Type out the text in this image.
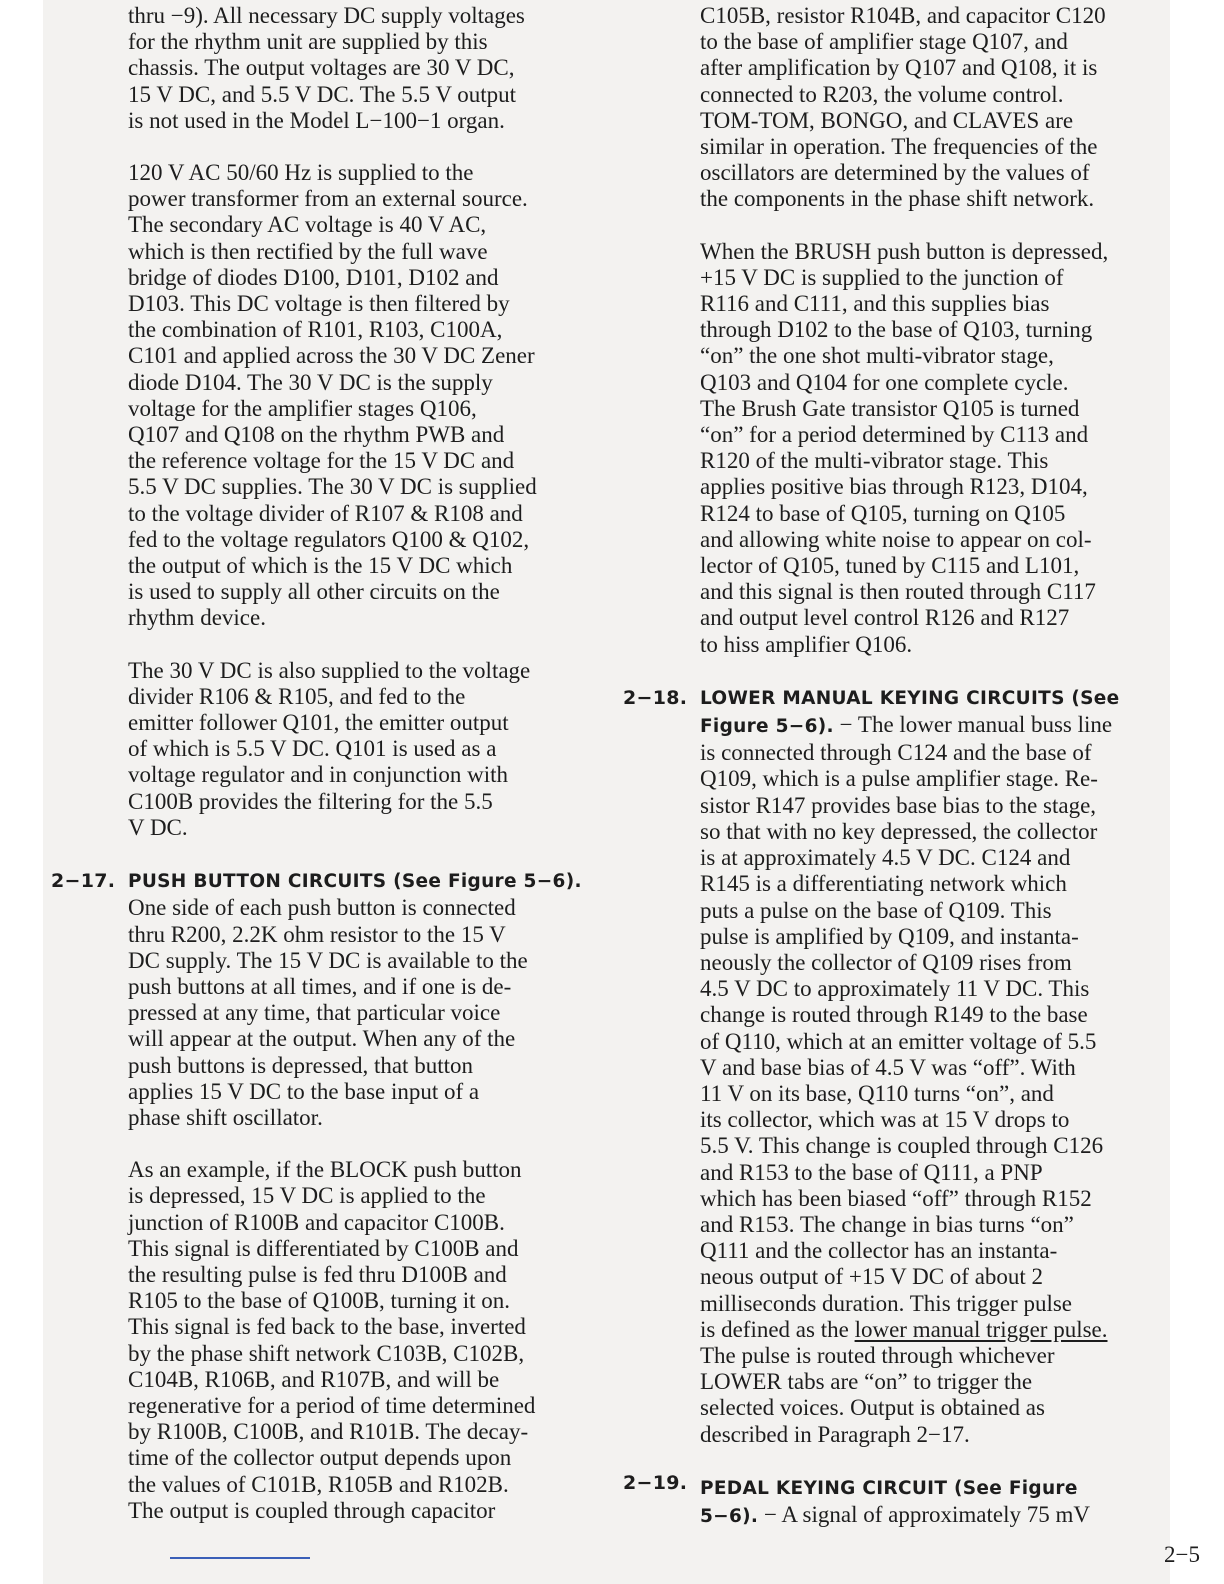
thru −9). All necessary DC supply voltages

for the rhythm unit are supplied by this

chassis. The output voltages are 30 V DC,

15 V DC, and 5.5 V DC. The 5.5 V output

is not used in the Model L−100−1 organ.

120 V AC 50/60 Hz is supplied to the

power transformer from an external source.

The secondary AC voltage is 40 V AC,

which is then rectified by the full wave

bridge of diodes D100, D101, D102 and

D103. This DC voltage is then filtered by

the combination of R101, R103, C100A,

C101 and applied across the 30 V DC Zener

diode D104. The 30 V DC is the supply

voltage for the amplifier stages Q106,

Q107 and Q108 on the rhythm PWB and

the reference voltage for the 15 V DC and

5.5 V DC supplies. The 30 V DC is supplied

to the voltage divider of R107 & R108 and

fed to the voltage regulators Q100 & Q102,

the output of which is the 15 V DC which

is used to supply all other circuits on the

rhythm device.

The 30 V DC is also supplied to the voltage

divider R106 & R105, and fed to the

emitter follower Q101, the emitter output

of which is 5.5 V DC. Q101 is used as a

voltage regulator and in conjunction with

C100B provides the filtering for the 5.5

V DC.

PUSH BUTTON CIRCUITS (See Figure 5−6).

One side of each push button is connected

thru R200, 2.2K ohm resistor to the 15 V

DC supply. The 15 V DC is available to the

push buttons at all times, and if one is de-

pressed at any time, that particular voice

will appear at the output. When any of the

push buttons is depressed, that button

applies 15 V DC to the base input of a

phase shift oscillator.

As an example, if the BLOCK push button

is depressed, 15 V DC is applied to the

junction of R100B and capacitor C100B.

This signal is differentiated by C100B and

the resulting pulse is fed thru D100B and

R105 to the base of Q100B, turning it on.

This signal is fed back to the base, inverted

by the phase shift network C103B, C102B,

C104B, R106B, and R107B, and will be

regenerative for a period of time determined

by R100B, C100B, and R101B. The decay-

time of the collector output depends upon

the values of C101B, R105B and R102B.

The output is coupled through capacitor

2−17.

C105B, resistor R104B, and capacitor C120

to the base of amplifier stage Q107, and

after amplification by Q107 and Q108, it is

connected to R203, the volume control.

TOM-TOM, BONGO, and CLAVES are

similar in operation. The frequencies of the

oscillators are determined by the values of

the components in the phase shift network.

When the BRUSH push button is depressed,

+15 V DC is supplied to the junction of

R116 and C111, and this supplies bias

through D102 to the base of Q103, turning

“on” the one shot multi-vibrator stage,

Q103 and Q104 for one complete cycle.

The Brush Gate transistor Q105 is turned

“on” for a period determined by C113 and

R120 of the multi-vibrator stage. This

applies positive bias through R123, D104,

R124 to base of Q105, turning on Q105

and allowing white noise to appear on col-

lector of Q105, tuned by C115 and L101,

and this signal is then routed through C117

and output level control R126 and R127

to hiss amplifier Q106.

LOWER MANUAL KEYING CIRCUITS (See

Figure 5−6). − The lower manual buss line

is connected through C124 and the base of

Q109, which is a pulse amplifier stage. Re-

sistor R147 provides base bias to the stage,

so that with no key depressed, the collector

is at approximately 4.5 V DC. C124 and

R145 is a differentiating network which

puts a pulse on the base of Q109. This

pulse is amplified by Q109, and instanta-

neously the collector of Q109 rises from

4.5 V DC to approximately 11 V DC. This

change is routed through R149 to the base

of Q110, which at an emitter voltage of 5.5

V and base bias of 4.5 V was “off”. With

11 V on its base, Q110 turns “on”, and

its collector, which was at 15 V drops to

5.5 V. This change is coupled through C126

and R153 to the base of Q111, a PNP

which has been biased “off” through R152

and R153. The change in bias turns “on”

Q111 and the collector has an instanta-

neous output of +15 V DC of about 2

milliseconds duration. This trigger pulse

is defined as the lower manual trigger pulse.

The pulse is routed through whichever

LOWER tabs are “on” to trigger the

selected voices. Output is obtained as

described in Paragraph 2−17.

PEDAL KEYING CIRCUIT (See Figure

5−6). − A signal of approximately 75 mV

2−18.
2−19.
2−5
